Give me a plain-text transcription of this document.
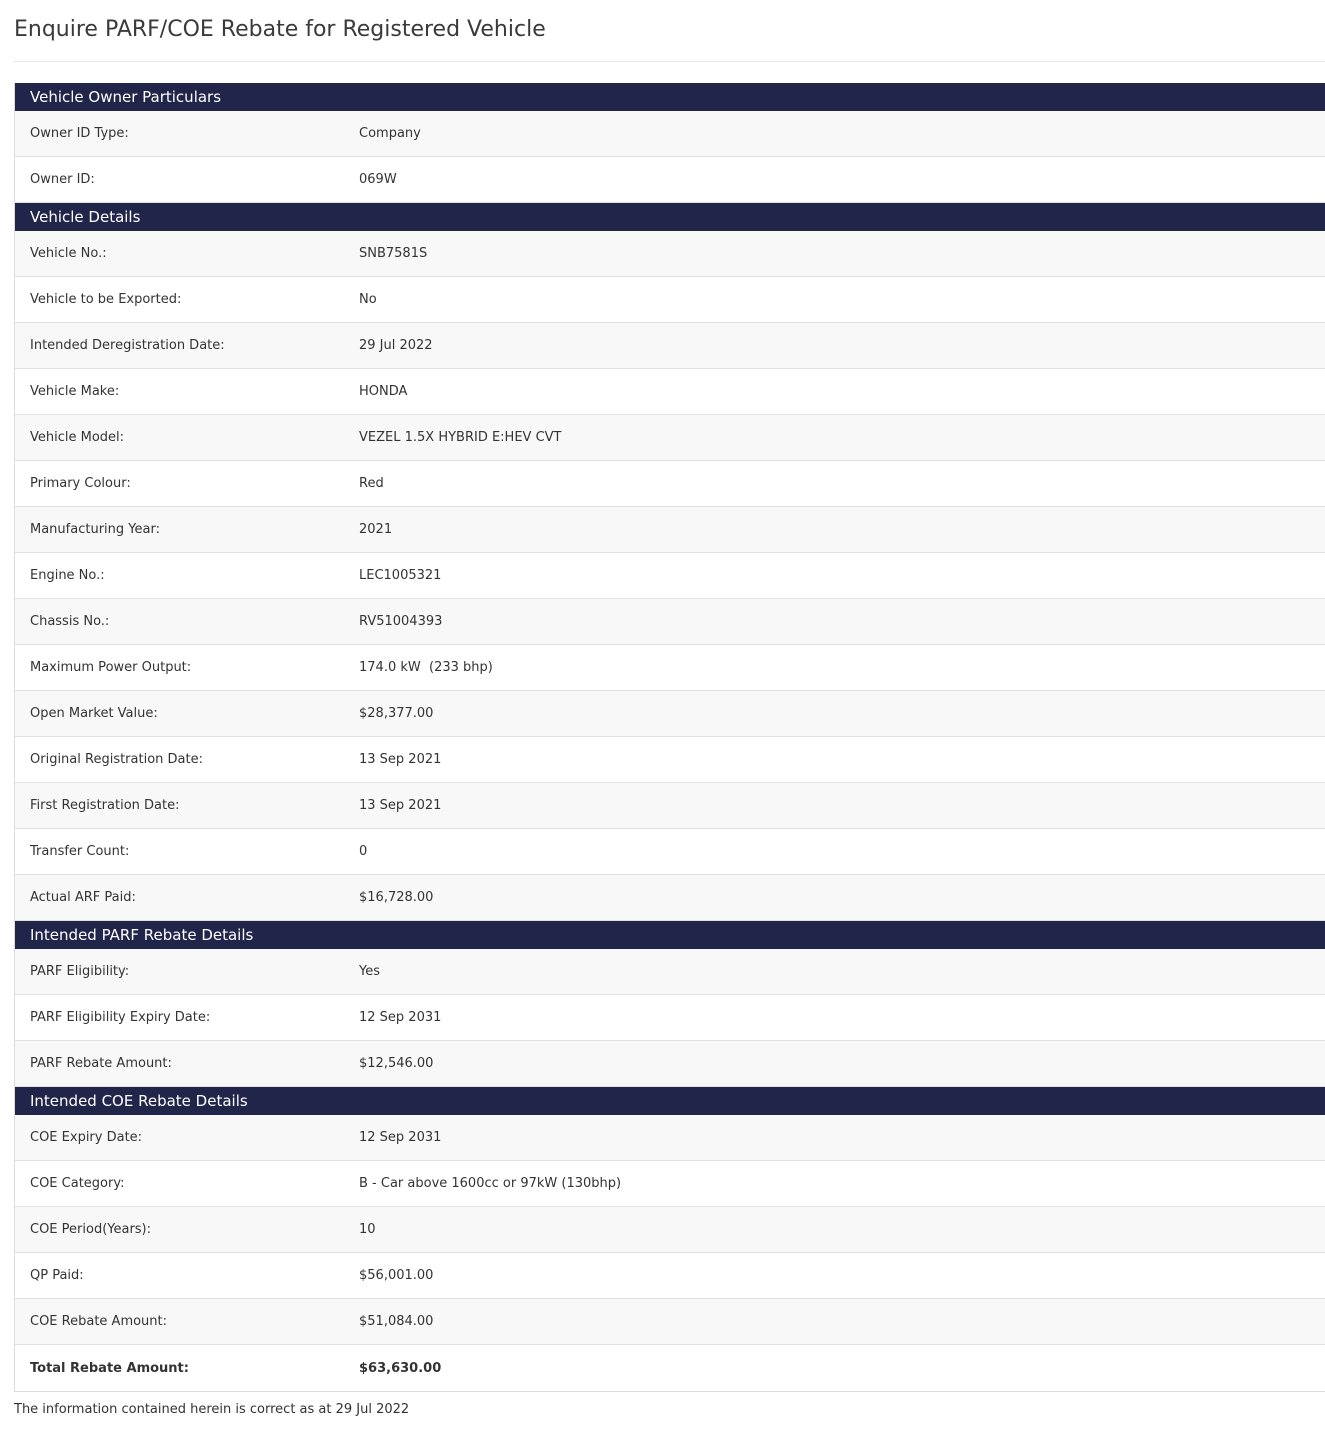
Enquire PARF/COE Rebate for Registered Vehicle
Vehicle Owner Particulars
Owner ID Type:	Company
Owner ID:	069W
Vehicle Details
Vehicle No.:	SNB7581S
Vehicle to be Exported:	No
Intended Deregistration Date:	29 Jul 2022
Vehicle Make:	HONDA
Vehicle Model:	VEZEL 1.5X HYBRID E:HEV CVT
Primary Colour:	Red
Manufacturing Year:	2021
Engine No.:	LEC1005321
Chassis No.:	RV51004393
Maximum Power Output:	174.0 kW  (233 bhp)
Open Market Value:	$28,377.00
Original Registration Date:	13 Sep 2021
First Registration Date:	13 Sep 2021
Transfer Count:	0
Actual ARF Paid:	$16,728.00
Intended PARF Rebate Details
PARF Eligibility:	Yes
PARF Eligibility Expiry Date:	12 Sep 2031
PARF Rebate Amount:	$12,546.00
Intended COE Rebate Details
COE Expiry Date:	12 Sep 2031
COE Category:	B - Car above 1600cc or 97kW (130bhp)
COE Period(Years):	10
QP Paid:	$56,001.00
COE Rebate Amount:	$51,084.00
Total Rebate Amount:	$63,630.00
The information contained herein is correct as at 29 Jul 2022
